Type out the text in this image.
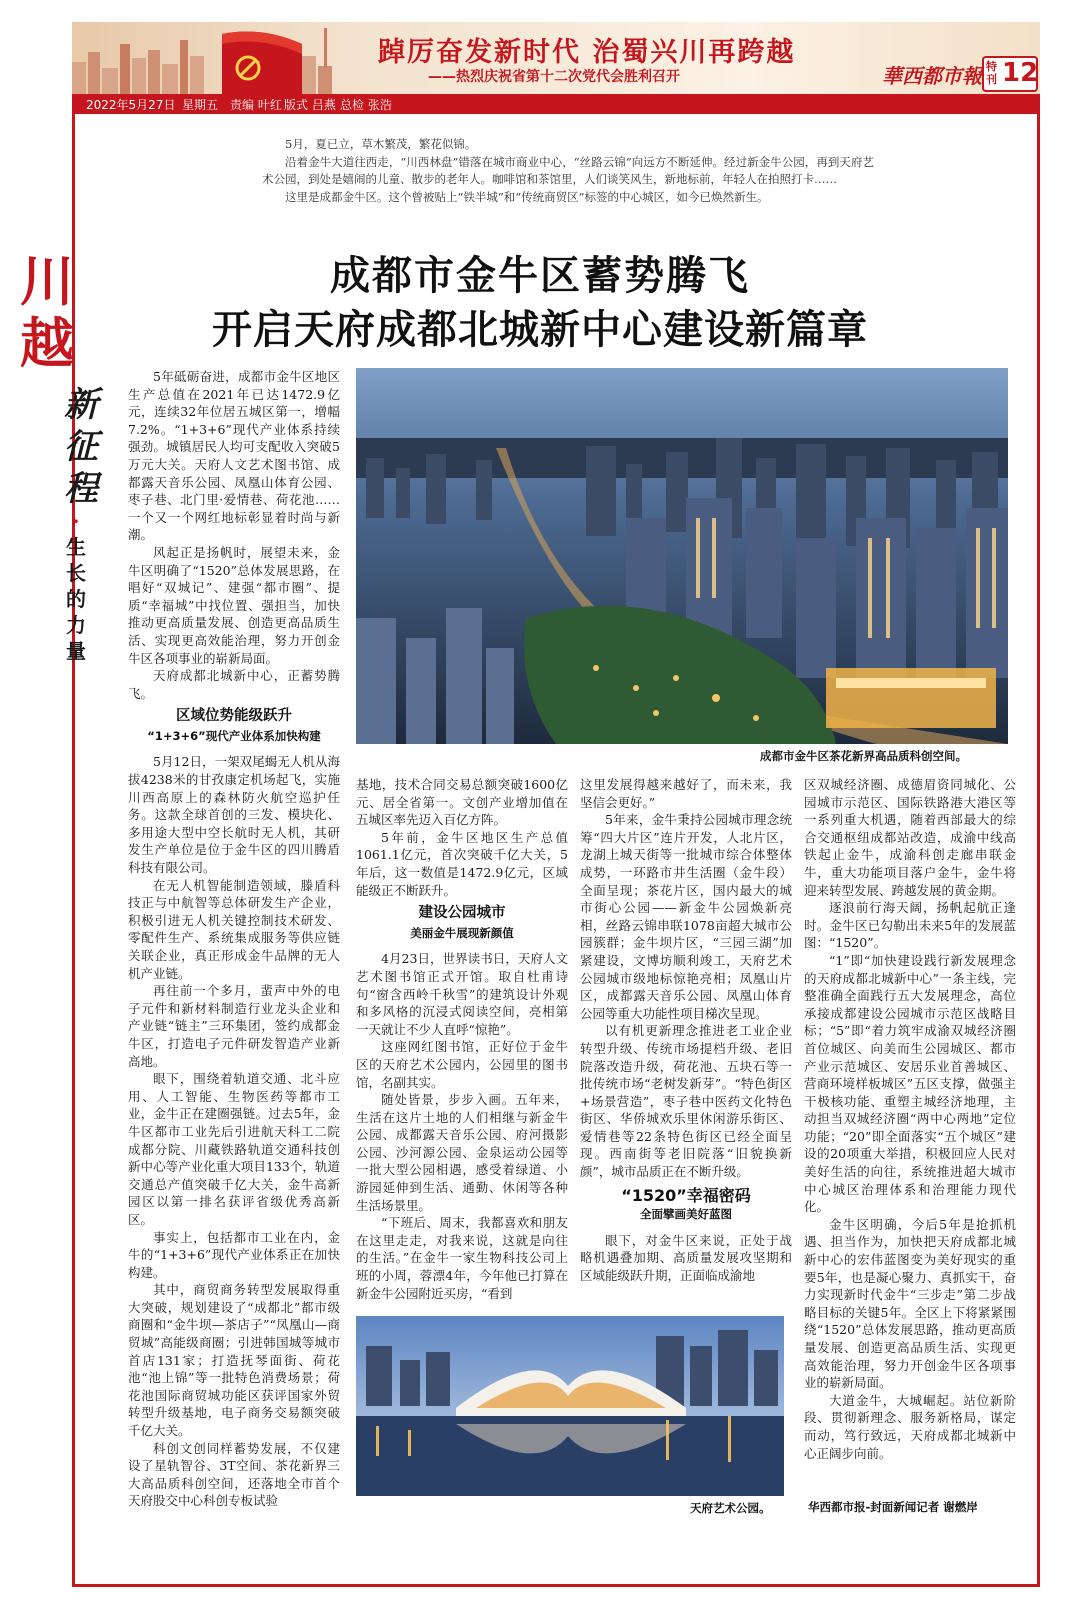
踔厉奋发新时代 治蜀兴川再跨越
——热烈庆祝省第十二次党代会胜利召开	華西都市報 特刊 12
2022年5月27日 星期五 责编 叶红 版式 吕燕 总检 张浩

5月，夏已立，草木繁茂，繁花似锦。

沿着金牛大道往西走，“川西林盘”错落在城市商业中心，“丝路云锦”向远方不断延伸。经过新金牛公园，再到天府艺术公园，到处是嬉闹的儿童、散步的老年人。咖啡馆和茶馆里，人们谈笑风生，新地标前，年轻人在拍照打卡……

这里是成都金牛区。这个曾被贴上“铁半城”和“传统商贸区”标签的中心城区，如今已焕然新生。

川
越
新
征
程
·
生
长
的
力
量
成都市金牛区蓄势腾飞
开启天府成都北城新中心建设新篇章
成都市金牛区茶花新界高品质科创空间。

5年砥砺奋进，成都市金牛区地区生产总值在2021年已达1472.9亿元，连续32年位居五城区第一，增幅7.2%。“1+3+6”现代产业体系持续强劲。城镇居民人均可支配收入突破5万元大关。天府人文艺术图书馆、成都露天音乐公园、凤凰山体育公园、枣子巷、北门里·爱情巷、荷花池……一个又一个网红地标彰显着时尚与新潮。

风起正是扬帆时，展望未来，金牛区明确了“1520”总体发展思路，在唱好“双城记”、建强“都市圈”、提质“幸福城”中找位置、强担当，加快推动更高质量发展、创造更高品质生活、实现更高效能治理，努力开创金牛区各项事业的崭新局面。

天府成都北城新中心，正蓄势腾飞。

区域位势能级跃升
“1+3+6”现代产业体系加快构建

5月12日，一架双尾蝎无人机从海拔4238米的甘孜康定机场起飞，实施川西高原上的森林防火航空巡护任务。这款全球首创的三发、模块化、多用途大型中空长航时无人机，其研发生产单位是位于金牛区的四川腾盾科技有限公司。

在无人机智能制造领域，滕盾科技正与中航智等总体研发生产企业，积极引进无人机关键控制技术研发、零配件生产、系统集成服务等供应链关联企业，真正形成金牛品牌的无人机产业链。

再往前一个多月，蜚声中外的电子元件和新材料制造行业龙头企业和产业链“链主”三环集团，签约成都金牛区，打造电子元件研发智造产业新高地。

眼下，围绕着轨道交通、北斗应用、人工智能、生物医药等都市工业，金牛正在建圈强链。过去5年，金牛区都市工业先后引进航天科工二院成都分院、川藏铁路轨道交通科技创新中心等产业化重大项目133个，轨道交通总产值突破千亿大关，金牛高新园区以第一排名获评省级优秀高新区。

事实上，包括都市工业在内，金牛的“1+3+6”现代产业体系正在加快构建。

其中，商贸商务转型发展取得重大突破，规划建设了“成都北”都市级商圈和“金牛坝—茶店子”“凤凰山—商贸城”高能级商圈；引进韩国城等城市首店131家；打造抚琴面街、荷花池“池上锦”等一批特色消费场景；荷花池国际商贸城功能区获评国家外贸转型升级基地，电子商务交易额突破千亿大关。

科创文创同样蓄势发展，不仅建设了星轨智谷、3T空间、茶花新界三大高品质科创空间，还落地全市首个天府股交中心科创专板试验

基地，技术合同交易总额突破1600亿元、居全省第一。文创产业增加值在五城区率先迈入百亿方阵。

5年前，金牛区地区生产总值1061.1亿元，首次突破千亿大关，5年后，这一数值是1472.9亿元，区域能级正不断跃升。

建设公园城市
美丽金牛展现新颜值

4月23日，世界读书日，天府人文艺术图书馆正式开馆。取自杜甫诗句“窗含西岭千秋雪”的建筑设计外观和多风格的沉浸式阅读空间，亮相第一天就让不少人直呼“惊艳”。

这座网红图书馆，正好位于金牛区的天府艺术公园内，公园里的图书馆，名副其实。

随处皆景，步步入画。五年来，生活在这片土地的人们相继与新金牛公园、成都露天音乐公园、府河摄影公园、沙河源公园、金泉运动公园等一批大型公园相遇，感受着绿道、小游园延伸到生活、通勤、休闲等各种生活场景里。

“下班后、周末，我都喜欢和朋友在这里走走，对我来说，这就是向往的生活。”在金牛一家生物科技公司上班的小周，蓉漂4年，今年他已打算在新金牛公园附近买房，“看到

这里发展得越来越好了，而未来，我坚信会更好。”

5年来，金牛秉持公园城市理念统筹“四大片区”连片开发，人北片区，龙湖上城天街等一批城市综合体整体成势，一环路市井生活圈（金牛段）全面呈现；茶花片区，国内最大的城市街心公园——新金牛公园焕新亮相，丝路云锦串联1078亩超大城市公园簇群；金牛坝片区，“三园三湖”加紧建设，文博坊顺利竣工，天府艺术公园城市级地标惊艳亮相；凤凰山片区，成都露天音乐公园、凤凰山体育公园等重大功能性项目梯次呈现。

以有机更新理念推进老工业企业转型升级、传统市场提档升级、老旧院落改造升级，荷花池、五块石等一批传统市场“老树发新芽”。“特色街区+场景营造”，枣子巷中医药文化特色街区、华侨城欢乐里休闲游乐街区、爱情巷等22条特色街区已经全面呈现。西南街等老旧院落“旧貌换新颜”，城市品质正在不断升级。

“1520”幸福密码
全面擘画美好蓝图

眼下，对金牛区来说，正处于战略机遇叠加期、高质量发展攻坚期和区域能级跃升期，正面临成渝地

区双城经济圈、成德眉资同城化、公园城市示范区、国际铁路港大港区等一系列重大机遇，随着西部最大的综合交通枢纽成都站改造，成渝中线高铁起止金牛，成渝科创走廊串联金牛，重大功能项目落户金牛，金牛将迎来转型发展、跨越发展的黄金期。

逐浪前行海天阔，扬帆起航正逢时。金牛区已勾勒出未来5年的发展蓝图：“1520”。

“1”即“加快建设践行新发展理念的天府成都北城新中心”一条主线，完整准确全面践行五大发展理念，高位承接成都建设公园城市示范区战略目标；“5”即“着力筑牢成渝双城经济圈首位城区、向美而生公园城区、都市产业示范城区、安居乐业首善城区、营商环境样板城区”五区支撑，做强主干极核功能、重塑主城经济地理，主动担当双城经济圈“两中心两地”定位功能；“20”即全面落实“五个城区”建设的20项重大举措，积极回应人民对美好生活的向往，系统推进超大城市中心城区治理体系和治理能力现代化。

金牛区明确，今后5年是抢抓机遇、担当作为，加快把天府成都北城新中心的宏伟蓝图变为美好现实的重要5年，也是凝心聚力、真抓实干，奋力实现新时代金牛“三步走”第二步战略目标的关键5年。全区上下将紧紧围绕“1520”总体发展思路，推动更高质量发展、创造更高品质生活、实现更高效能治理，努力开创金牛区各项事业的崭新局面。

大道金牛，大城崛起。站位新阶段、贯彻新理念、服务新格局，谋定而动，笃行致远，天府成都北城新中心正阔步向前。

华西都市报-封面新闻记者 谢燃岸
天府艺术公园。
